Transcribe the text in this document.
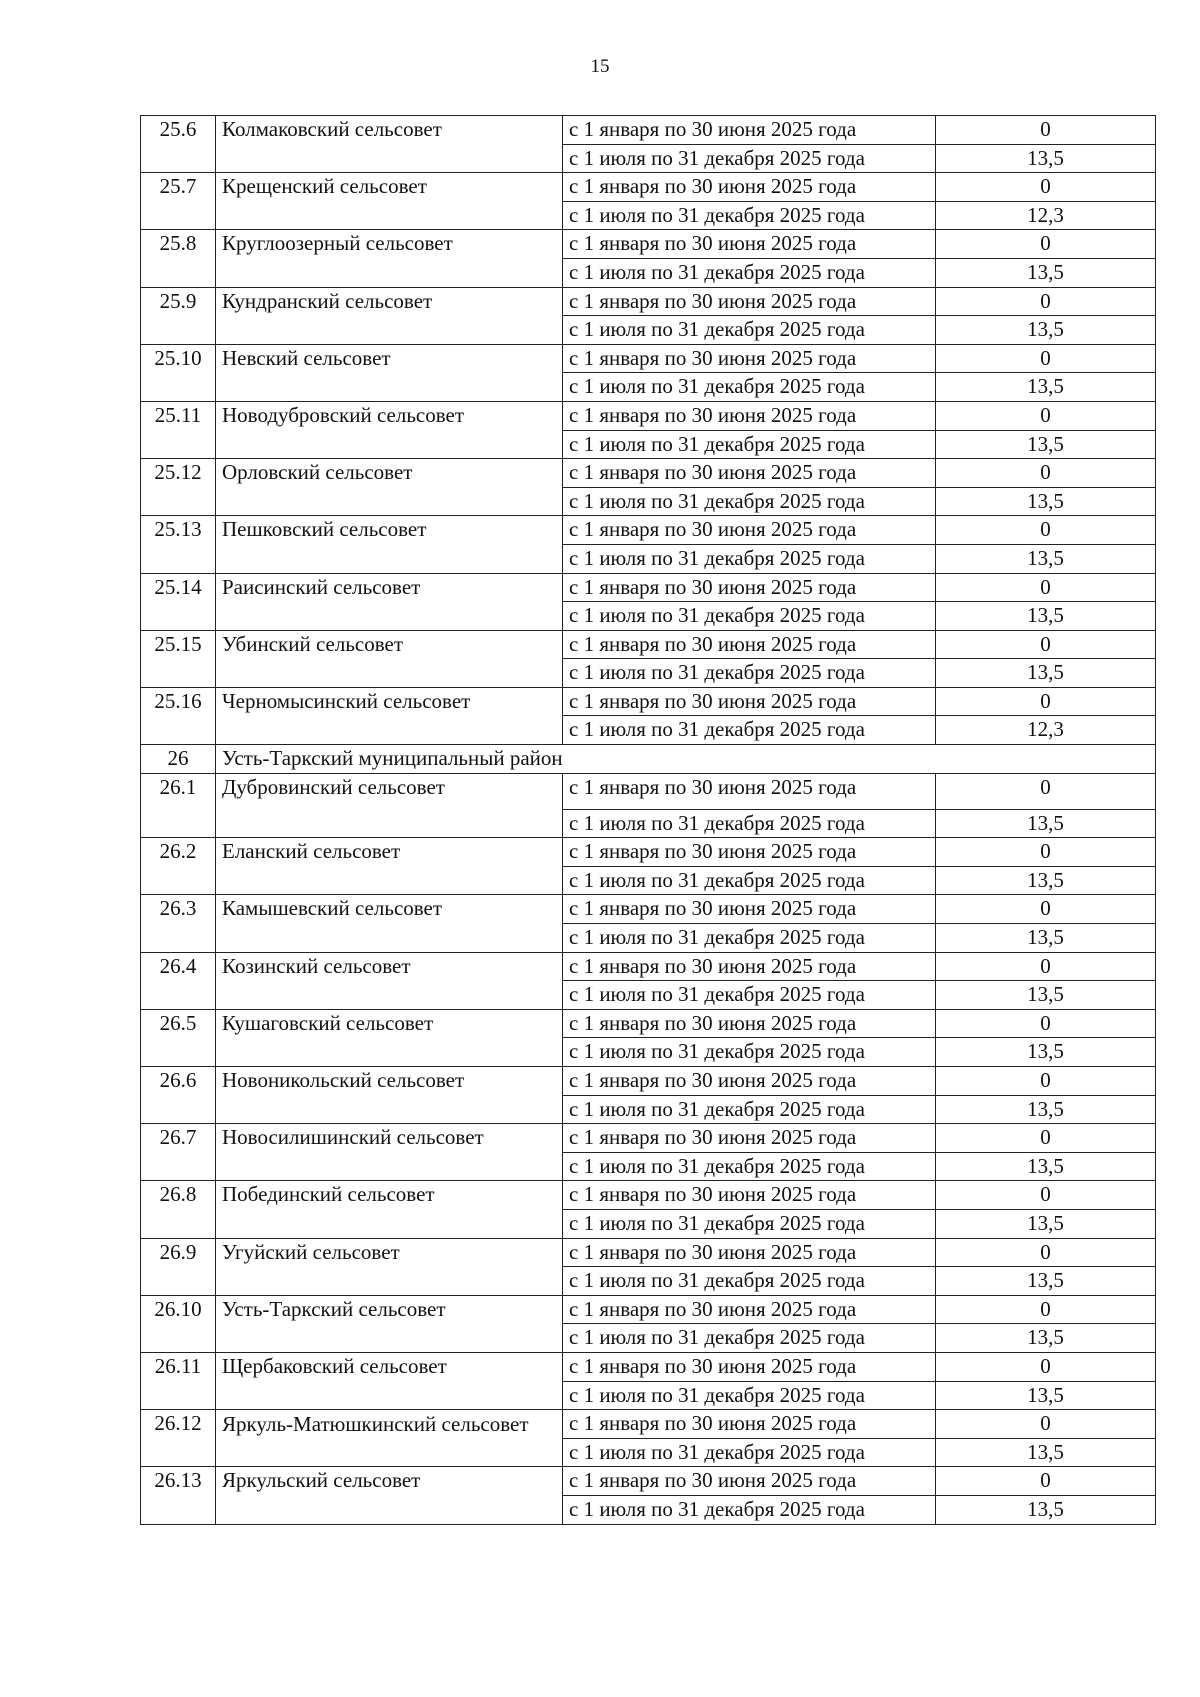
15
25.6	Колмаковский сельсовет	с 1 января по 30 июня 2025 года	0
		с 1 июля по 31 декабря 2025 года	13,5
25.7	Крещенский сельсовет	с 1 января по 30 июня 2025 года	0
		с 1 июля по 31 декабря 2025 года	12,3
25.8	Круглоозерный сельсовет	с 1 января по 30 июня 2025 года	0
		с 1 июля по 31 декабря 2025 года	13,5
25.9	Кундранский сельсовет	с 1 января по 30 июня 2025 года	0
		с 1 июля по 31 декабря 2025 года	13,5
25.10	Невский сельсовет	с 1 января по 30 июня 2025 года	0
		с 1 июля по 31 декабря 2025 года	13,5
25.11	Новодубровский сельсовет	с 1 января по 30 июня 2025 года	0
		с 1 июля по 31 декабря 2025 года	13,5
25.12	Орловский сельсовет	с 1 января по 30 июня 2025 года	0
		с 1 июля по 31 декабря 2025 года	13,5
25.13	Пешковский сельсовет	с 1 января по 30 июня 2025 года	0
		с 1 июля по 31 декабря 2025 года	13,5
25.14	Раисинский сельсовет	с 1 января по 30 июня 2025 года	0
		с 1 июля по 31 декабря 2025 года	13,5
25.15	Убинский сельсовет	с 1 января по 30 июня 2025 года	0
		с 1 июля по 31 декабря 2025 года	13,5
25.16	Черномысинский сельсовет	с 1 января по 30 июня 2025 года	0
		с 1 июля по 31 декабря 2025 года	12,3
26	Усть-Таркский муниципальный район		
26.1	Дубровинский сельсовет	с 1 января по 30 июня 2025 года	0
		с 1 июля по 31 декабря 2025 года	13,5
26.2	Еланский сельсовет	с 1 января по 30 июня 2025 года	0
		с 1 июля по 31 декабря 2025 года	13,5
26.3	Камышевский сельсовет	с 1 января по 30 июня 2025 года	0
		с 1 июля по 31 декабря 2025 года	13,5
26.4	Козинский сельсовет	с 1 января по 30 июня 2025 года	0
		с 1 июля по 31 декабря 2025 года	13,5
26.5	Кушаговский сельсовет	с 1 января по 30 июня 2025 года	0
		с 1 июля по 31 декабря 2025 года	13,5
26.6	Новоникольский сельсовет	с 1 января по 30 июня 2025 года	0
		с 1 июля по 31 декабря 2025 года	13,5
26.7	Новосилишинский сельсовет	с 1 января по 30 июня 2025 года	0
		с 1 июля по 31 декабря 2025 года	13,5
26.8	Побединский сельсовет	с 1 января по 30 июня 2025 года	0
		с 1 июля по 31 декабря 2025 года	13,5
26.9	Угуйский сельсовет	с 1 января по 30 июня 2025 года	0
		с 1 июля по 31 декабря 2025 года	13,5
26.10	Усть-Таркский сельсовет	с 1 января по 30 июня 2025 года	0
		с 1 июля по 31 декабря 2025 года	13,5
26.11	Щербаковский сельсовет	с 1 января по 30 июня 2025 года	0
		с 1 июля по 31 декабря 2025 года	13,5
26.12	Яркуль-Матюшкинский сельсовет	с 1 января по 30 июня 2025 года	0
		с 1 июля по 31 декабря 2025 года	13,5
26.13	Яркульский сельсовет	с 1 января по 30 июня 2025 года	0
		с 1 июля по 31 декабря 2025 года	13,5
